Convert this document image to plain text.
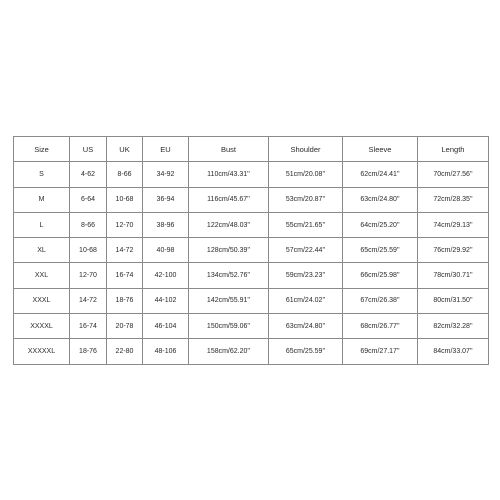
Size	US	UK	EU	Bust	Shoulder	Sleeve	Length
S	4-62	8-66	34-92	110cm/43.31''	51cm/20.08''	62cm/24.41''	70cm/27.56''
M	6-64	10-68	36-94	116cm/45.67''	53cm/20.87''	63cm/24.80''	72cm/28.35''
L	8-66	12-70	38-96	122cm/48.03''	55cm/21.65''	64cm/25.20''	74cm/29.13''
XL	10-68	14-72	40-98	128cm/50.39''	57cm/22.44''	65cm/25.59''	76cm/29.92''
XXL	12-70	16-74	42-100	134cm/52.76''	59cm/23.23''	66cm/25.98''	78cm/30.71''
XXXL	14-72	18-76	44-102	142cm/55.91''	61cm/24.02''	67cm/26.38''	80cm/31.50''
XXXXL	16-74	20-78	46-104	150cm/59.06''	63cm/24.80''	68cm/26.77''	82cm/32.28''
XXXXXL	18-76	22-80	48-106	158cm/62.20''	65cm/25.59''	69cm/27.17''	84cm/33.07''
